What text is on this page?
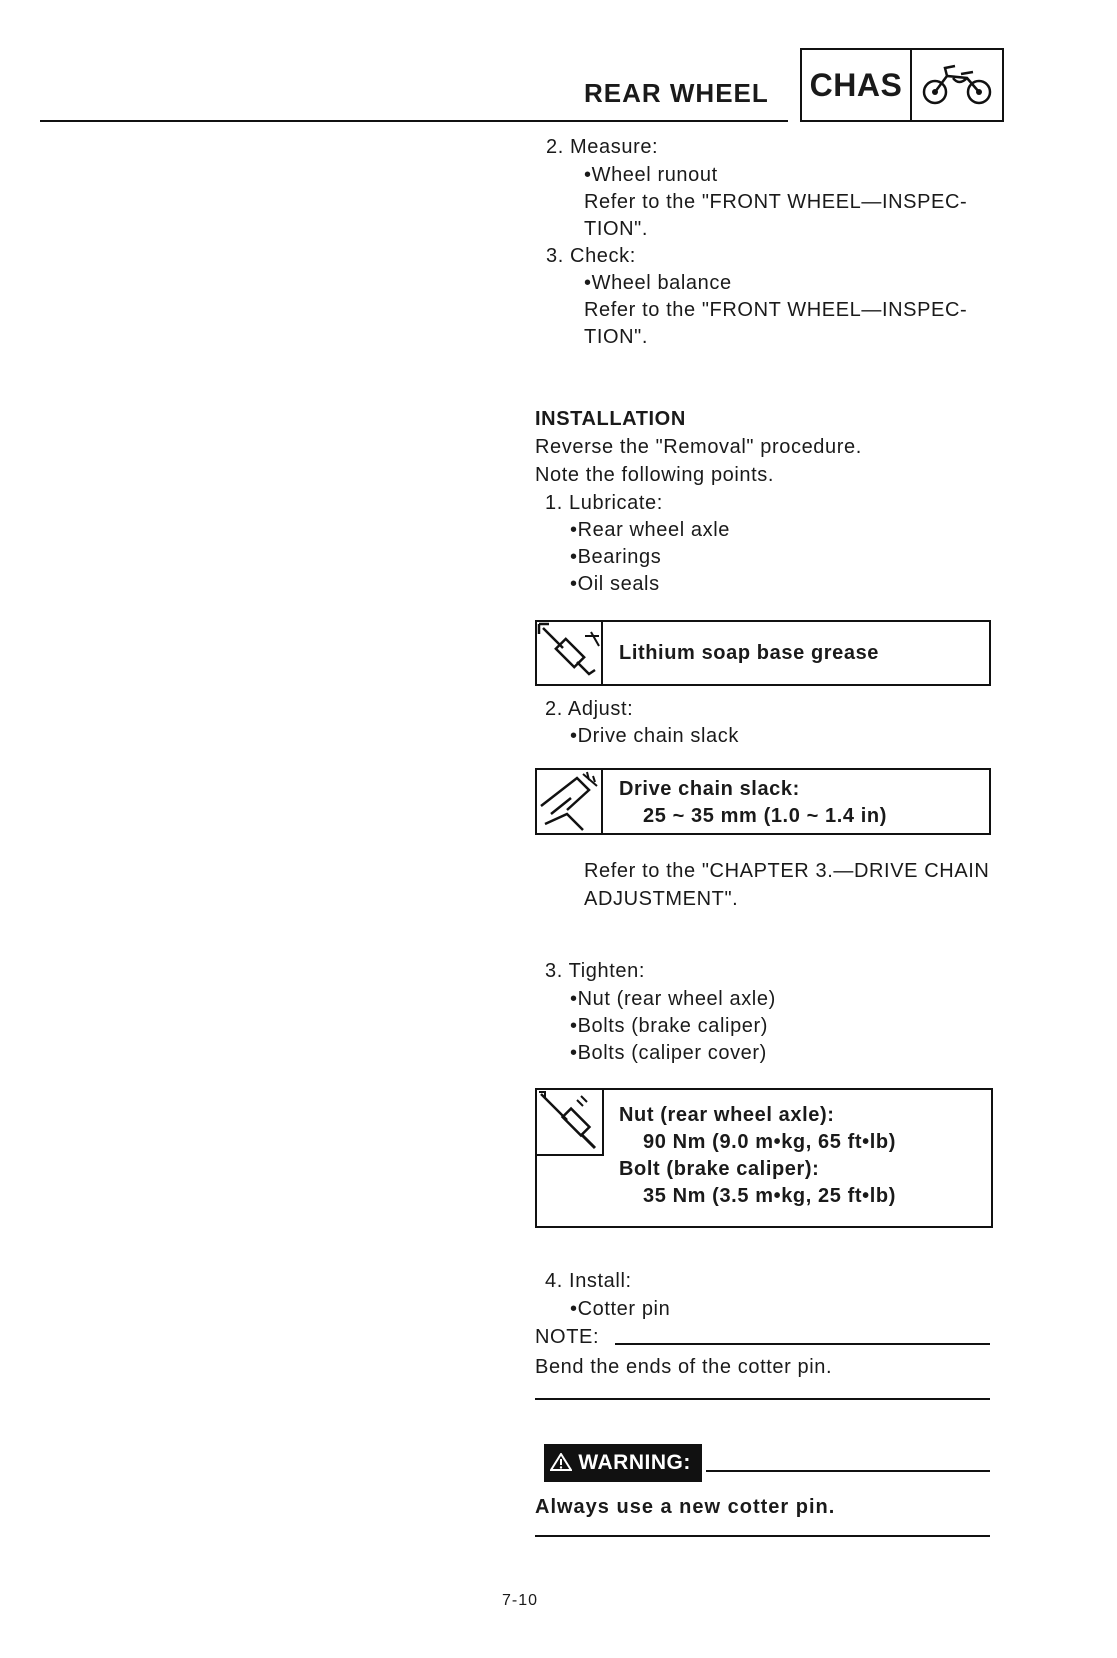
REAR WHEEL CHAS
2. Measure:
•Wheel runout
Refer to the "FRONT WHEEL—INSPEC-
TION".
3. Check:
•Wheel balance
Refer to the "FRONT WHEEL—INSPEC-
TION".
INSTALLATION
Reverse the "Removal" procedure.
Note the following points.
1. Lubricate:
•Rear wheel axle
•Bearings
•Oil seals
Lithium soap base grease
2. Adjust:
•Drive chain slack
Drive chain slack:
25 ~ 35 mm (1.0 ~ 1.4 in)
Refer to the "CHAPTER 3.—DRIVE CHAIN
ADJUSTMENT".
3. Tighten:
•Nut (rear wheel axle)
•Bolts (brake caliper)
•Bolts (caliper cover)
Nut (rear wheel axle):
90 Nm (9.0 m•kg, 65 ft•lb)
Bolt (brake caliper):
35 Nm (3.5 m•kg, 25 ft•lb)
4. Install:
•Cotter pin
NOTE:
Bend the ends of the cotter pin.
WARNING:
Always use a new cotter pin.
7-10
